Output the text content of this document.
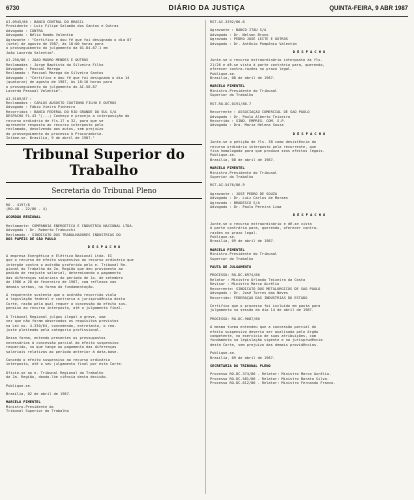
6730	DIÁRIO DA JUSTIÇA	QUINTA-FEIRA, 9 ABR 1987
AI-0945/86 : BANCO CENTRAL DO BRASIL
Presidente : Luiz Filipe Salomão dos Santos e Outras
Advogado : CONTRA
Advogado : Nélio Romão Valentim
Agravante : "Certifico e dou fé que foi designado o dia 07
(sete) de agosto de 1987, às 18:00 horas para
o prosseguimento do julgamento da 01.84.87.1 em
João Lacerda Valentim".
AI-250/86 : JOÃO MAURO MENDES E OUTROS
Reclamadas : Jorge Baptista da Silveira Filho
Advogado : Pascoal Marega
Reclamado : Pascoal Marega da Silveira Santos
Advogado : "Certifico e dou fé que foi designado o dia 14
(quatorze) de agosto de 1987, às 18:10 horas para
o prosseguimento do julgamento do AI-58.87
Lacerda Pessoal Valentim".
AI-5109/87 :
Reclamados : CARLOS AUGUSTO COUTINHO FILHO E OUTROS
Advogado : Fábio Vieira Pinheiro
Recorridos : BANCO FEDERAL DO RIO GRANDE DO SUL S/A
DESPACHO FL.43 "(...) Conheço e provejo a interposição do
recurso ordinário de fls.17 a 32, para que se
apresente resposta ao recurso interposto pelo
reclamado, devolvendo aos autos, sem prejuízo
do prosseguimento do processo à Procuradoria.
Intime-se. Brasília, 9 de abril de 1987."
Tribunal Superior do Trabalho
Secretaria do Tribunal Pleno
RO - 4197/8
(RO-48 - 22/86 - 4)
ACÓRDÃO REGIONAL
Reclamante: COMPANHIA ENERGÉTICA E INDÚSTRIA NACIONAL LTDA.
Advogado : Dr. Roberto Trabucchi
Reclamado : SINDICATO DOS TRABALHADORES INDÚSTRIAS DO
DOS PAPÉIS DE SÃO PAULO
D E S P A C H O
A empresa Energética e Elétrica Nacional Ltda. EI
que o recurso de efeito suspensivo ao recurso ordinário que
interpõe contra o acórdão proferido pelo e. Tribunal Re-
gional do Trabalho da 2a. Região que deu provimento ao
pedido de reajuste salarial, determinando o pagamento
das diferenças salariais do período de 1o. de setembro
de 1986 a 28 de fevereiro de 1987, com reflexos nas
demais verbas, na forma da fundamentação.
A requerente sustenta que o acórdão recorrido viola
a legislação federal e contraria a jurisprudência desta
Corte, razão pela qual requer a concessão do efeito sus-
pensivo ao recurso interposto, até o julgamento final.
O Tribunal Regional julgou ilegal a greve, uma
vez que não foram observados os requisitos previstos
na Lei no. 4.330/64, concedendo, entretanto, o rea-
juste pleiteado pela categoria profissional.
Dessa forma, entendo presentes os pressupostos
necessários à concessão parcial do efeito suspensivo
requerido, no que tange ao pagamento das diferenças
salariais relativas ao período anterior à data-base.
Concedo o efeito suspensivo ao recurso ordinário
interposto, até o seu julgamento final por esta Corte.
Oficie-se ao e. Tribunal Regional do Trabalho
da 2a. Região, dando-lhe ciência desta decisão.
Publique-se.
Brasília, 02 de abril de 1987.
MARCELO PIMENTEL
Ministro-Presidente do
Tribunal Superior do Trabalho
RST-AI-3392/86.8
Agravante : BANCO ITAÚ S/A
Advogado : Dr. Nelson Bruno
Agravado : PEDRO JOSÉ LEITE E OUTROS
Advogado : Dr. Antônio Pompônio Valentim
D E S P A C H O
Junte-se o recurso extraordinário interposto às fls.
21/26 e dê-se vista à parte contrária para, querendo,
oferecer contra-razões no prazo legal.
Publique-se.
Brasília, 08 de abril de 1987.
MARCELO PIMENTEL
Ministro-Presidente do Tribunal
Superior do Trabalho
RST-RO-DC-0191/86.7
Recorrente : ASSOCIAÇÃO COMERCIAL DE SÃO PAULO
Advogado : Dr. Paulo Alberto Teixeira
Recorrido : SIND. EMPREG. COM. S.P.
Advogado : Dra. Maria Helena Souza
D E S P A C H O
Junte-se a petição de fls. 38 como desistência do
recurso ordinário interposto pela recorrente, que
fica homologada para que produza seus efeitos legais.
Publique-se.
Brasília, 08 de abril de 1987.
MARCELO PIMENTEL
Ministro-Presidente do Tribunal
Superior do Trabalho
RST-AI-5476/86.9
Agravante : JOSÉ PEDRO DE SOUZA
Advogado : Dr. Luiz Carlos de Moraes
Agravado : BRADESCO S/A
Advogado : Dr. Paulo Pereira Lima
D E S P A C H O
Junte-se o recurso extraordinário e dê-se vista
à parte contrária para, querendo, oferecer contra-
razões no prazo legal.
Publique-se.
Brasília, 09 de abril de 1987.
MARCELO PIMENTEL
Ministro-Presidente do Tribunal
Superior do Trabalho
PAUTA DE JULGAMENTO
PROCESSO: RO-DC-8974/86
Relator : Ministro Orlando Teixeira da Costa
Revisor : Ministro Marco Aurélio
Recorrente: SINDICATO DOS METALÚRGICOS DE SÃO PAULO
Advogado : Dr. José Torres das Neves
Recorrido: FEDERAÇÃO DAS INDÚSTRIAS DO ESTADO
Certifico que o processo foi incluído em pauta para
julgamento na sessão do dia 14 de abril de 1987.
PROCESSO: RO-DC-9087/86
A mesma turma entendeu que a concessão parcial do
efeito suspensivo deveria ser analisada pelo órgão
competente, no exercício de suas atribuições, com
fundamento na legislação vigente e na jurisprudência
desta Corte, sem prejuízo das demais providências.
Publique-se.
Brasília, 09 de abril de 1987.
SECRETARIA DO TRIBUNAL PLENO
Processo RO-DC-374/86 - Relator: Ministro Marco Aurélio.
Processo RO-DC-581/86 - Relator: Ministro Barata Silva.
Processo RO-DC-612/86 - Relator: Ministro Fernando Franco.
